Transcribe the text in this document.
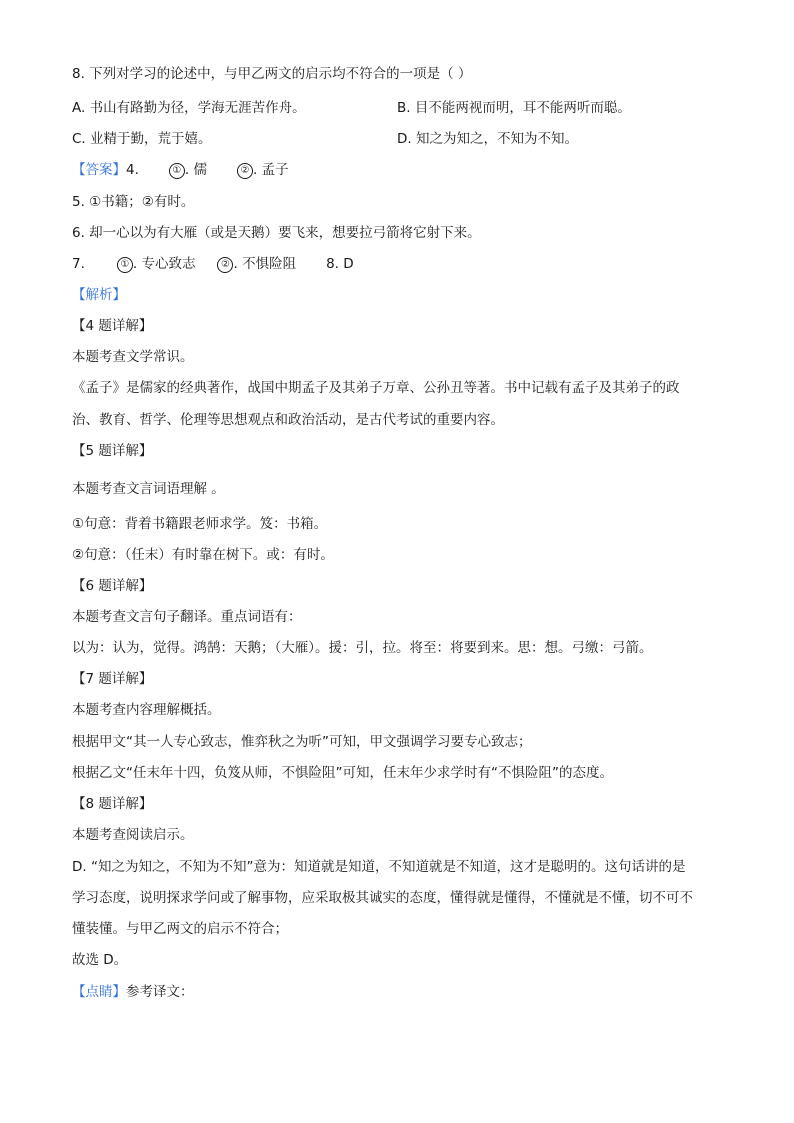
8. 下列对学习的论述中，与甲乙两文的启示均不符合的一项是（ ）
A. 书山有路勤为径，学海无涯苦作舟。	B. 目不能两视而明，耳不能两听而聪。
C. 业精于勤，荒于嬉。	D. 知之为知之，不知为不知。
【答案】4.	① . 儒	② . 孟子
5. ①书籍；②有时。
6. 却一心以为有大雁（或是天鹅）要飞来，想要拉弓箭将它射下来。
7.	① . 专心致志	② . 不惧险阻 8. D
【解析】
【4 题详解】
本题考查文学常识。
《孟子》是儒家的经典著作，战国中期孟子及其弟子万章、公孙丑等著。书中记载有孟子及其弟子的政
治、教育、哲学、伦理等思想观点和政治活动，是古代考试的重要内容。
【5 题详解】
本题考查文言词语理解 。
①句意：背着书籍跟老师求学。笈：书箱。
②句意：（任末）有时靠在树下。或：有时。
【6 题详解】
本题考查文言句子翻译。重点词语有：
以为：认为，觉得。鸿鹄：天鹅；（大雁）。援：引，拉。将至：将要到来。思：想。弓缴：弓箭。
【7 题详解】
本题考查内容理解概括。
根据甲文“其一人专心致志，惟弈秋之为听”可知，甲文强调学习要专心致志；
根据乙文“任末年十四，负笈从师，不惧险阻”可知，任末年少求学时有“不惧险阻”的态度。
【8 题详解】
本题考查阅读启示。
D. “知之为知之，不知为不知”意为：知道就是知道，不知道就是不知道，这才是聪明的。这句话讲的是
学习态度，说明探求学问或了解事物，应采取极其诚实的态度，懂得就是懂得，不懂就是不懂，切不可不
懂装懂。与甲乙两文的启示不符合；
故选 D。
【点睛】参考译文：
